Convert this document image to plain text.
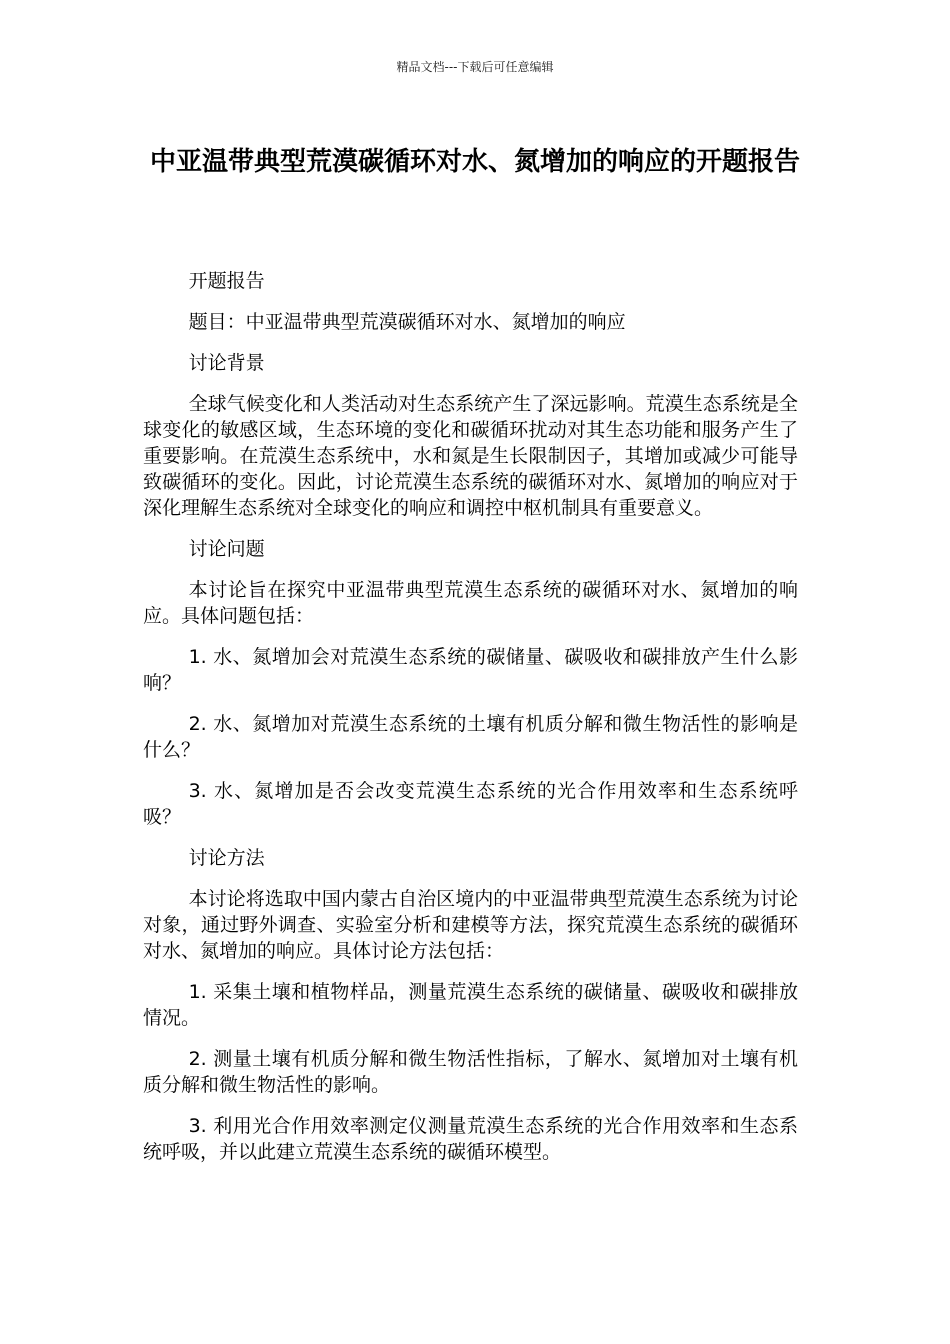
精品文档---下载后可任意编辑
中亚温带典型荒漠碳循环对水、氮增加的响应的开题报告

开题报告

题目：中亚温带典型荒漠碳循环对水、氮增加的响应

讨论背景

全球气候变化和人类活动对生态系统产生了深远影响。荒漠生态系统是全球变化的敏感区域，生态环境的变化和碳循环扰动对其生态功能和服务产生了重要影响。在荒漠生态系统中，水和氮是生长限制因子，其增加或减少可能导致碳循环的变化。因此，讨论荒漠生态系统的碳循环对水、氮增加的响应对于深化理解生态系统对全球变化的响应和调控中枢机制具有重要意义。

讨论问题

本讨论旨在探究中亚温带典型荒漠生态系统的碳循环对水、氮增加的响应。具体问题包括：

1. 水、氮增加会对荒漠生态系统的碳储量、碳吸收和碳排放产生什么影响？

2. 水、氮增加对荒漠生态系统的土壤有机质分解和微生物活性的影响是什么？

3. 水、氮增加是否会改变荒漠生态系统的光合作用效率和生态系统呼吸？

讨论方法

本讨论将选取中国内蒙古自治区境内的中亚温带典型荒漠生态系统为讨论对象，通过野外调查、实验室分析和建模等方法，探究荒漠生态系统的碳循环对水、氮增加的响应。具体讨论方法包括：

1. 采集土壤和植物样品，测量荒漠生态系统的碳储量、碳吸收和碳排放情况。

2. 测量土壤有机质分解和微生物活性指标，了解水、氮增加对土壤有机质分解和微生物活性的影响。

3. 利用光合作用效率测定仪测量荒漠生态系统的光合作用效率和生态系统呼吸，并以此建立荒漠生态系统的碳循环模型。
